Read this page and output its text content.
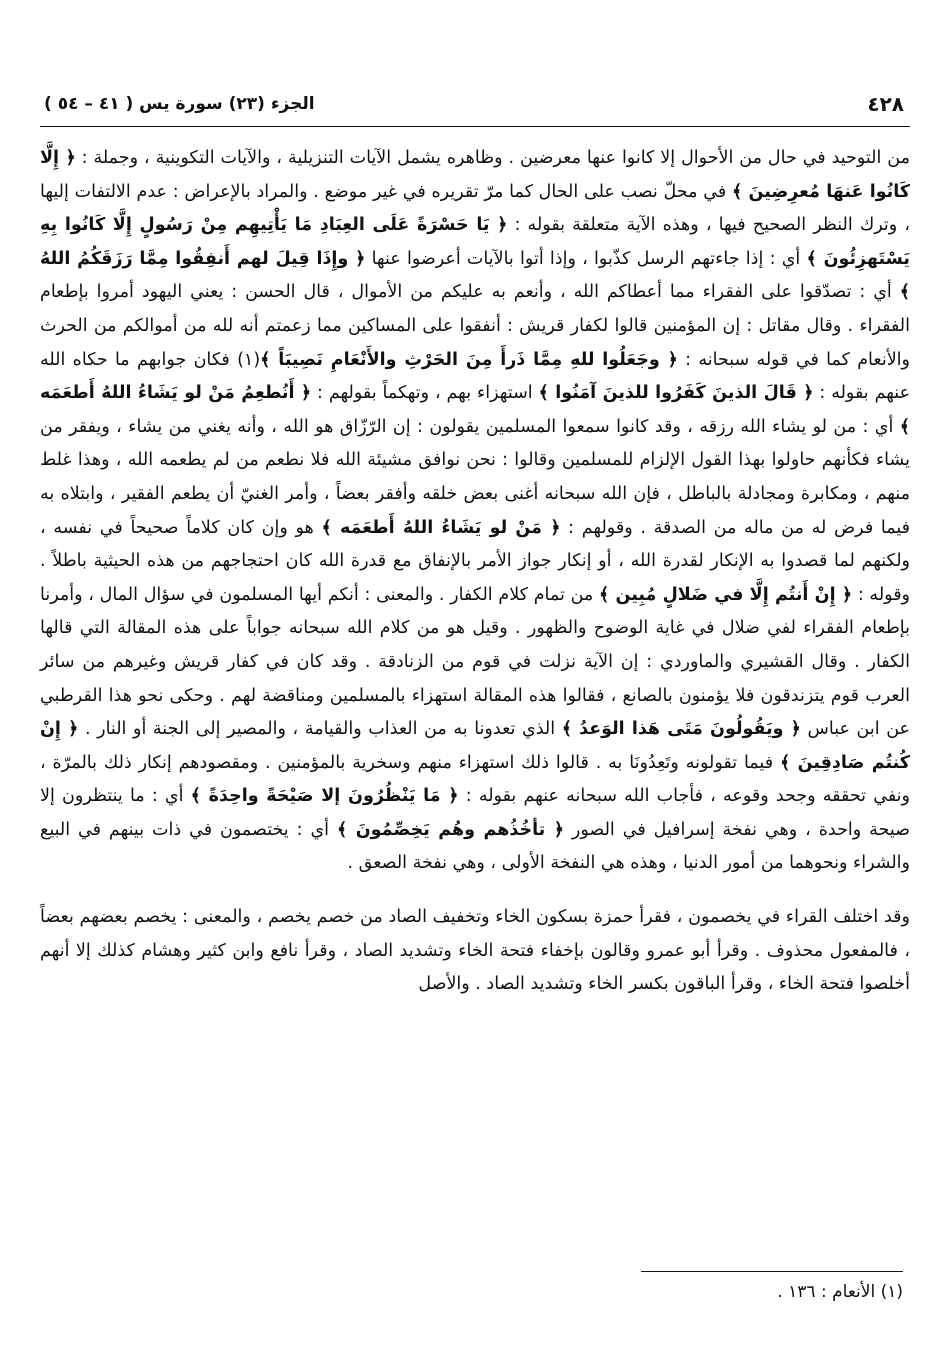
٤٢٨
الجزء (٢٣) سورة يس ( ٤١ – ٥٤ )

من التوحيد في حال من الأحوال إلا كانوا عنها معرضين . وظاهره يشمل الآيات التنزيلية ، والآيات التكوينية ، وجملة : ﴿ إِلَّا كَانُوا عَنهَا مُعرِضِينَ ﴾ في محلّ نصب على الحال كما مرّ تقريره في غير موضع . والمراد بالإعراض : عدم الالتفات إليها ، وترك النظر الصحيح فيها ، وهذه الآية متعلقة بقوله : ﴿ يَا حَسْرَةً عَلَى العِبَادِ مَا يَأْتِيهِم مِنْ رَسُولٍ إِلَّا كَانُوا بِهِ يَسْتَهزِئُونَ ﴾ أي : إذا جاءتهم الرسل كذّبوا ، وإذا أتوا بالآيات أعرضوا عنها ﴿ وإِذَا قِيلَ لهم أَنفِقُوا مِمَّا رَزَقَكُمُ اللهُ ﴾ أي : تصدّقوا على الفقراء مما أعطاكم الله ، وأنعم به عليكم من الأموال ، قال الحسن : يعني اليهود أمروا بإطعام الفقراء . وقال مقاتل : إن المؤمنين قالوا لكفار قريش : أنفقوا على المساكين مما زعمتم أنه لله من أموالكم من الحرث والأنعام كما في قوله سبحانه : ﴿ وجَعَلُوا للهِ مِمَّا ذَرأَ مِنَ الحَرْثِ والأَنْعَامِ نَصِيبَاً ﴾(١) فكان جوابهم ما حكاه الله عنهم بقوله : ﴿ قَالَ الذينَ كَفَرُوا للذينَ آمَنُوا ﴾ استهزاء بهم ، وتهكماً بقولهم : ﴿ أَنُطعِمُ مَنْ لو يَشَاءُ اللهُ أَطعَمَه ﴾ أي : من لو يشاء الله رزقه ، وقد كانوا سمعوا المسلمين يقولون : إن الرّزّاق هو الله ، وأنه يغني من يشاء ، ويفقر من يشاء فكأنهم حاولوا بهذا القول الإلزام للمسلمين وقالوا : نحن نوافق مشيئة الله فلا نطعم من لم يطعمه الله ، وهذا غلط منهم ، ومكابرة ومجادلة بالباطل ، فإن الله سبحانه أغنى بعض خلقه وأفقر بعضاً ، وأمر الغنيّ أن يطعم الفقير ، وابتلاه به فيما فرض له من ماله من الصدقة . وقولهم : ﴿ مَنْ لو يَشَاءُ اللهُ أَطعَمَه ﴾ هو وإن كان كلاماً صحيحاً في نفسه ، ولكنهم لما قصدوا به الإنكار لقدرة الله ، أو إنكار جواز الأمر بالإنفاق مع قدرة الله كان احتجاجهم من هذه الحيثية باطلاً . وقوله : ﴿ إِنْ أَنتُم إِلَّا في ضَلالٍ مُبِين ﴾ من تمام كلام الكفار . والمعنى : أنكم أيها المسلمون في سؤال المال ، وأمرنا بإطعام الفقراء لفي ضلال في غاية الوضوح والظهور . وقيل هو من كلام الله سبحانه جواباً على هذه المقالة التي قالها الكفار . وقال القشيري والماوردي : إن الآية نزلت في قوم من الزنادقة . وقد كان في كفار قريش وغيرهم من سائر العرب قوم يتزندقون فلا يؤمنون بالصانع ، فقالوا هذه المقالة استهزاء بالمسلمين ومناقضة لهم . وحكى نحو هذا القرطبي عن ابن عباس ﴿ ويَقُولُونَ مَتَى هَذا الوَعدُ ﴾ الذي تعدونا به من العذاب والقيامة ، والمصير إلى الجنة أو النار . ﴿ إِنْ كُنتُم صَادِقِينَ ﴾ فيما تقولونه وتَعِدُونَا به . قالوا ذلك استهزاء منهم وسخرية بالمؤمنين . ومقصودهم إنكار ذلك بالمرّة ، ونفي تحققه وجحد وقوعه ، فأجاب الله سبحانه عنهم بقوله : ﴿ مَا يَنْظُرُونَ إلا صَيْحَةً واحِدَةً ﴾ أي : ما ينتظرون إلا صيحة واحدة ، وهي نفخة إسرافيل في الصور ﴿ تأخُذُهم وهُم يَخِصِّمُونَ ﴾ أي : يختصمون في ذات بينهم في البيع والشراء ونحوهما من أمور الدنيا ، وهذه هي النفخة الأولى ، وهي نفخة الصعق .

وقد اختلف القراء في يخصمون ، فقرأ حمزة بسكون الخاء وتخفيف الصاد من خصم يخصم ، والمعنى : يخصم بعضهم بعضاً ، فالمفعول محذوف . وقرأ أبو عمرو وقالون بإخفاء فتحة الخاء وتشديد الصاد ، وقرأ نافع وابن كثير وهشام كذلك إلا أنهم أخلصوا فتحة الخاء ، وقرأ الباقون بكسر الخاء وتشديد الصاد . والأصل

(١) الأنعام : ١٣٦ .
